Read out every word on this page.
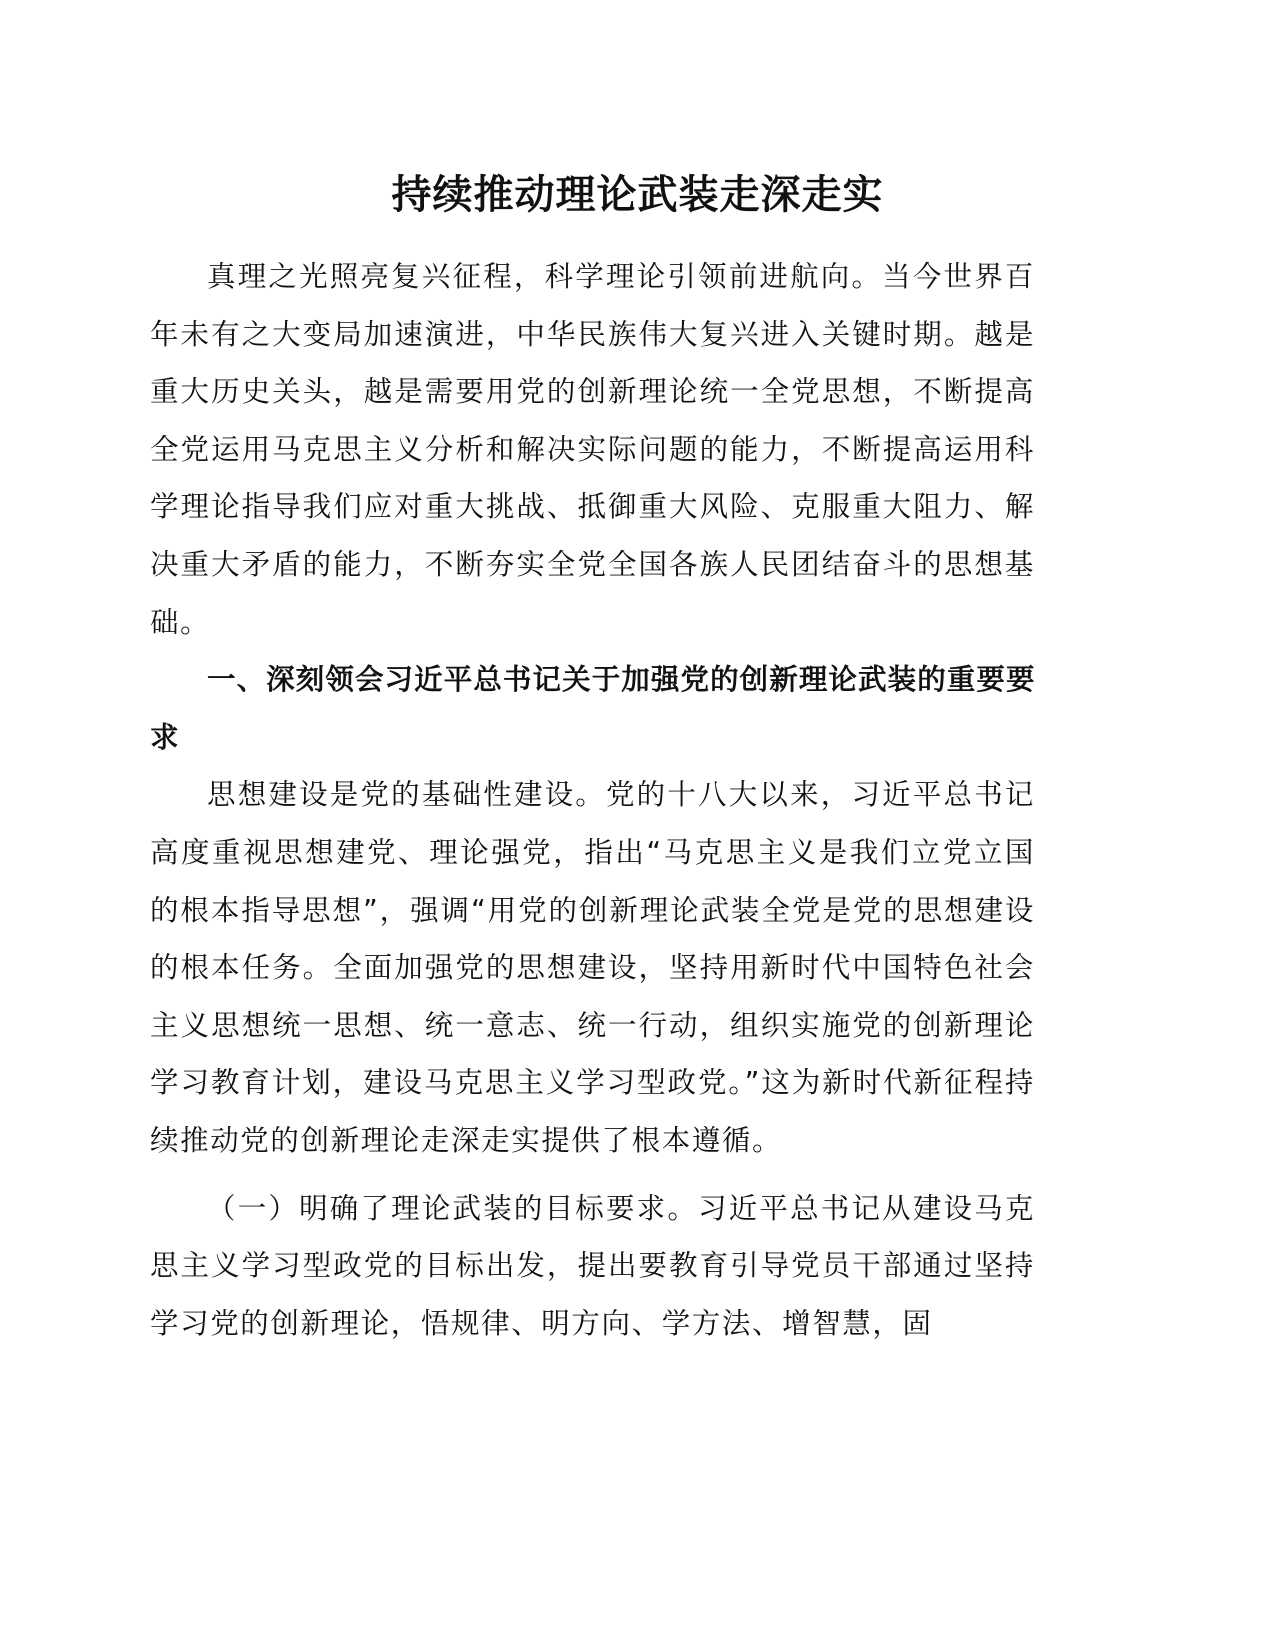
持续推动理论武装走深走实

真理之光照亮复兴征程，科学理论引领前进航向。当今世界百年未有之大变局加速演进，中华民族伟大复兴进入关键时期。越是重大历史关头，越是需要用党的创新理论统一全党思想，不断提高全党运用马克思主义分析和解决实际问题的能力，不断提高运用科学理论指导我们应对重大挑战、抵御重大风险、克服重大阻力、解决重大矛盾的能力，不断夯实全党全国各族人民团结奋斗的思想基础。

一、深刻领会习近平总书记关于加强党的创新理论武装的重要要求

思想建设是党的基础性建设。党的十八大以来，习近平总书记高度重视思想建党、理论强党，指出“马克思主义是我们立党立国的根本指导思想”，强调“用党的创新理论武装全党是党的思想建设的根本任务。全面加强党的思想建设，坚持用新时代中国特色社会主义思想统一思想、统一意志、统一行动，组织实施党的创新理论学习教育计划，建设马克思主义学习型政党。”这为新时代新征程持续推动党的创新理论走深走实提供了根本遵循。

（一）明确了理论武装的目标要求。习近平总书记从建设马克思主义学习型政党的目标出发，提出要教育引导党员干部通过坚持学习党的创新理论，悟规律、明方向、学方法、增智慧，固
